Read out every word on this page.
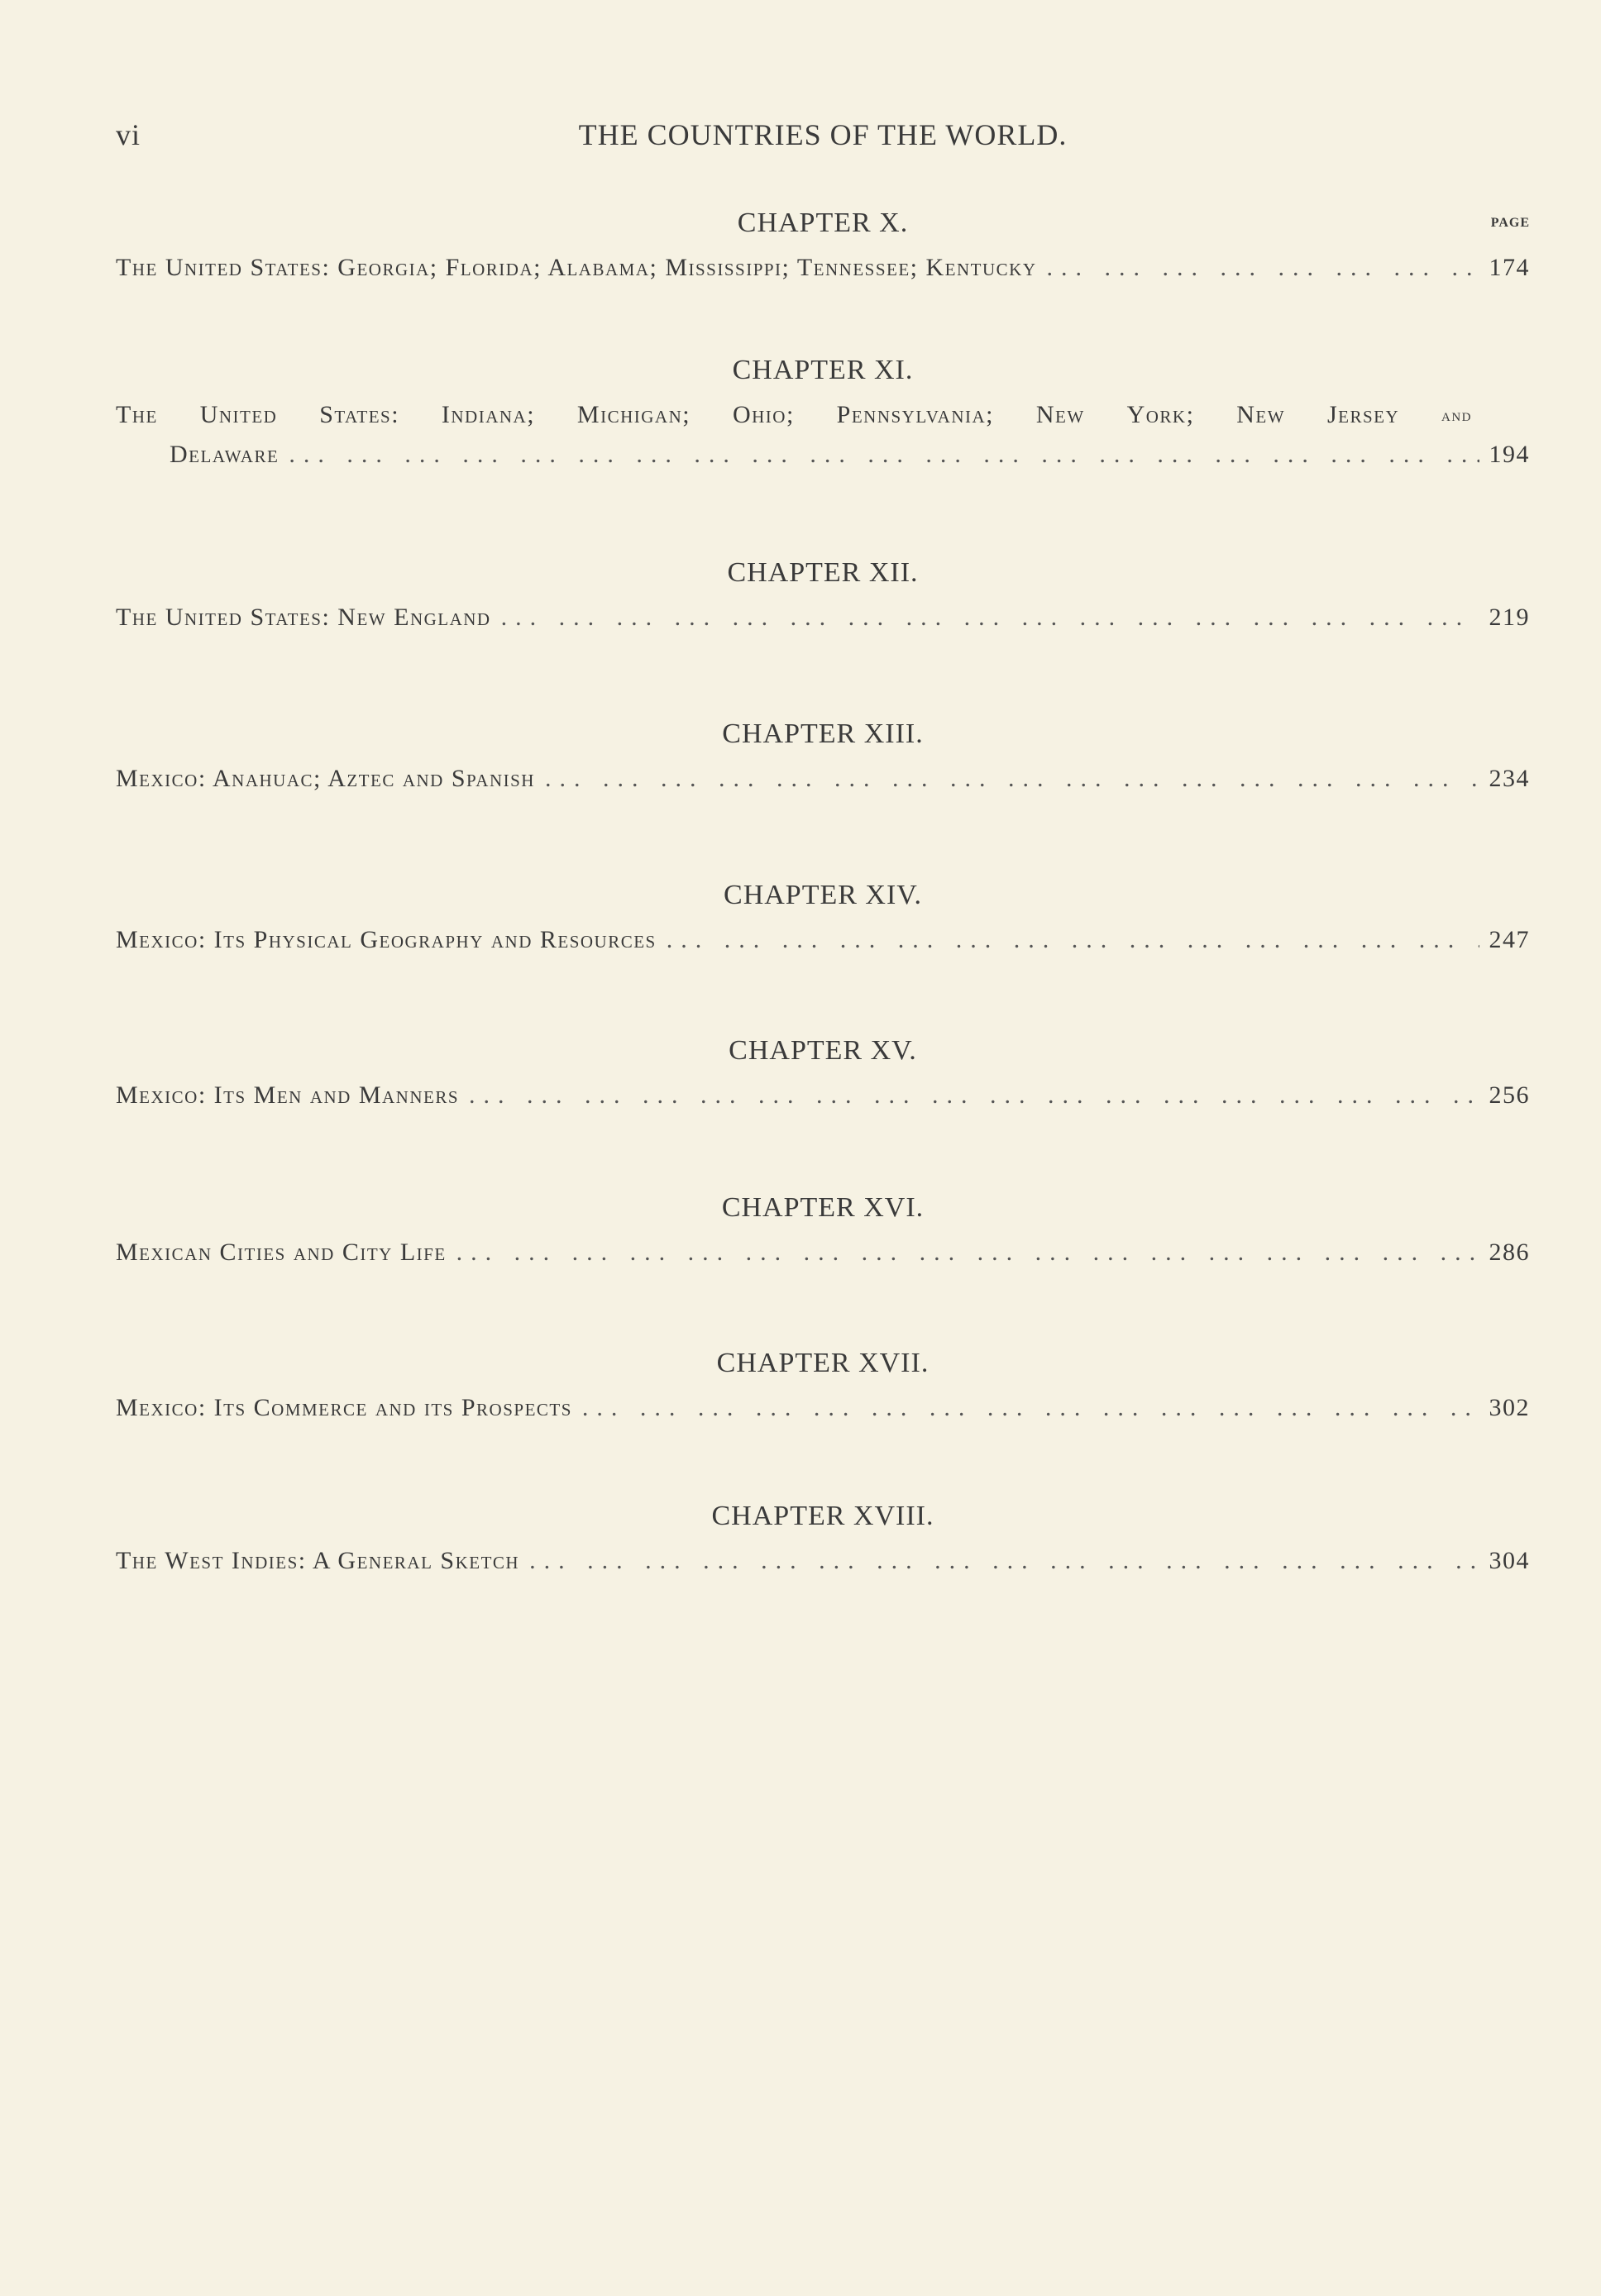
vi	THE COUNTRIES OF THE WORLD.
CHAPTER X.	PAGE
The United States: Georgia; Florida; Alabama; Mississippi; Tennessee; Kentucky ... .	174
CHAPTER XI.
The United States: Indiana; Michigan; Ohio; Pennsylvania; New York; New Jersey and
Delaware ... .	194
CHAPTER XII.
The United States: New England ... .	219
CHAPTER XIII.
Mexico: Anahuac; Aztec and Spanish ... .	234
CHAPTER XIV.
Mexico: Its Physical Geography and Resources ... .	247
CHAPTER XV.
Mexico: Its Men and Manners ... .	256
CHAPTER XVI.
Mexican Cities and City Life ... .	286
CHAPTER XVII.
Mexico: Its Commerce and its Prospects ... .	302
CHAPTER XVIII.
The West Indies: A General Sketch ... .	304
